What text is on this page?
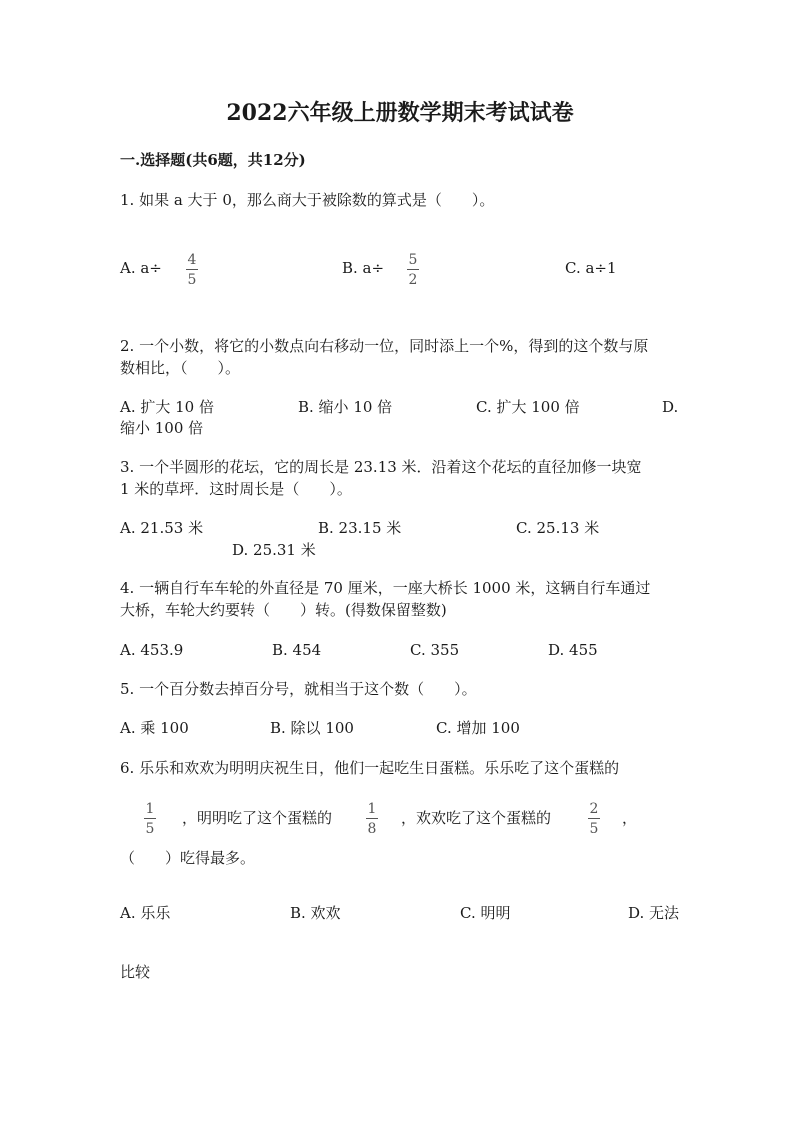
2022六年级上册数学期末考试试卷
一.选择题(共6题，共12分)
1. 如果 a 大于 0，那么商大于被除数的算式是（　　）。
A. a÷ 4
5
B. a÷ 5
2
C. a÷1
2. 一个小数，将它的小数点向右移动一位，同时添上一个%，得到的这个数与原
数相比，（　　）。
A. 扩大 10 倍	B. 缩小 10 倍	C. 扩大 100 倍	D.
缩小 100 倍
3. 一个半圆形的花坛，它的周长是 23.13 米．沿着这个花坛的直径加修一块宽
1 米的草坪．这时周长是（　　）。
A. 21.53 米	B. 23.15 米	C. 25.13 米
D. 25.31 米
4. 一辆自行车车轮的外直径是 70 厘米，一座大桥长 1000 米，这辆自行车通过
大桥，车轮大约要转（　　）转。(得数保留整数)
A. 453.9	B. 454	C. 355	D. 455
5. 一个百分数去掉百分号，就相当于这个数（　　）。
A. 乘 100	B. 除以 100	C. 增加 100
6. 乐乐和欢欢为明明庆祝生日，他们一起吃生日蛋糕。乐乐吃了这个蛋糕的
1
5
，明明吃了这个蛋糕的	1
8
，欢欢吃了这个蛋糕的	2
5
，
（　　）吃得最多。
A. 乐乐	B. 欢欢	C. 明明	D. 无法
比较
